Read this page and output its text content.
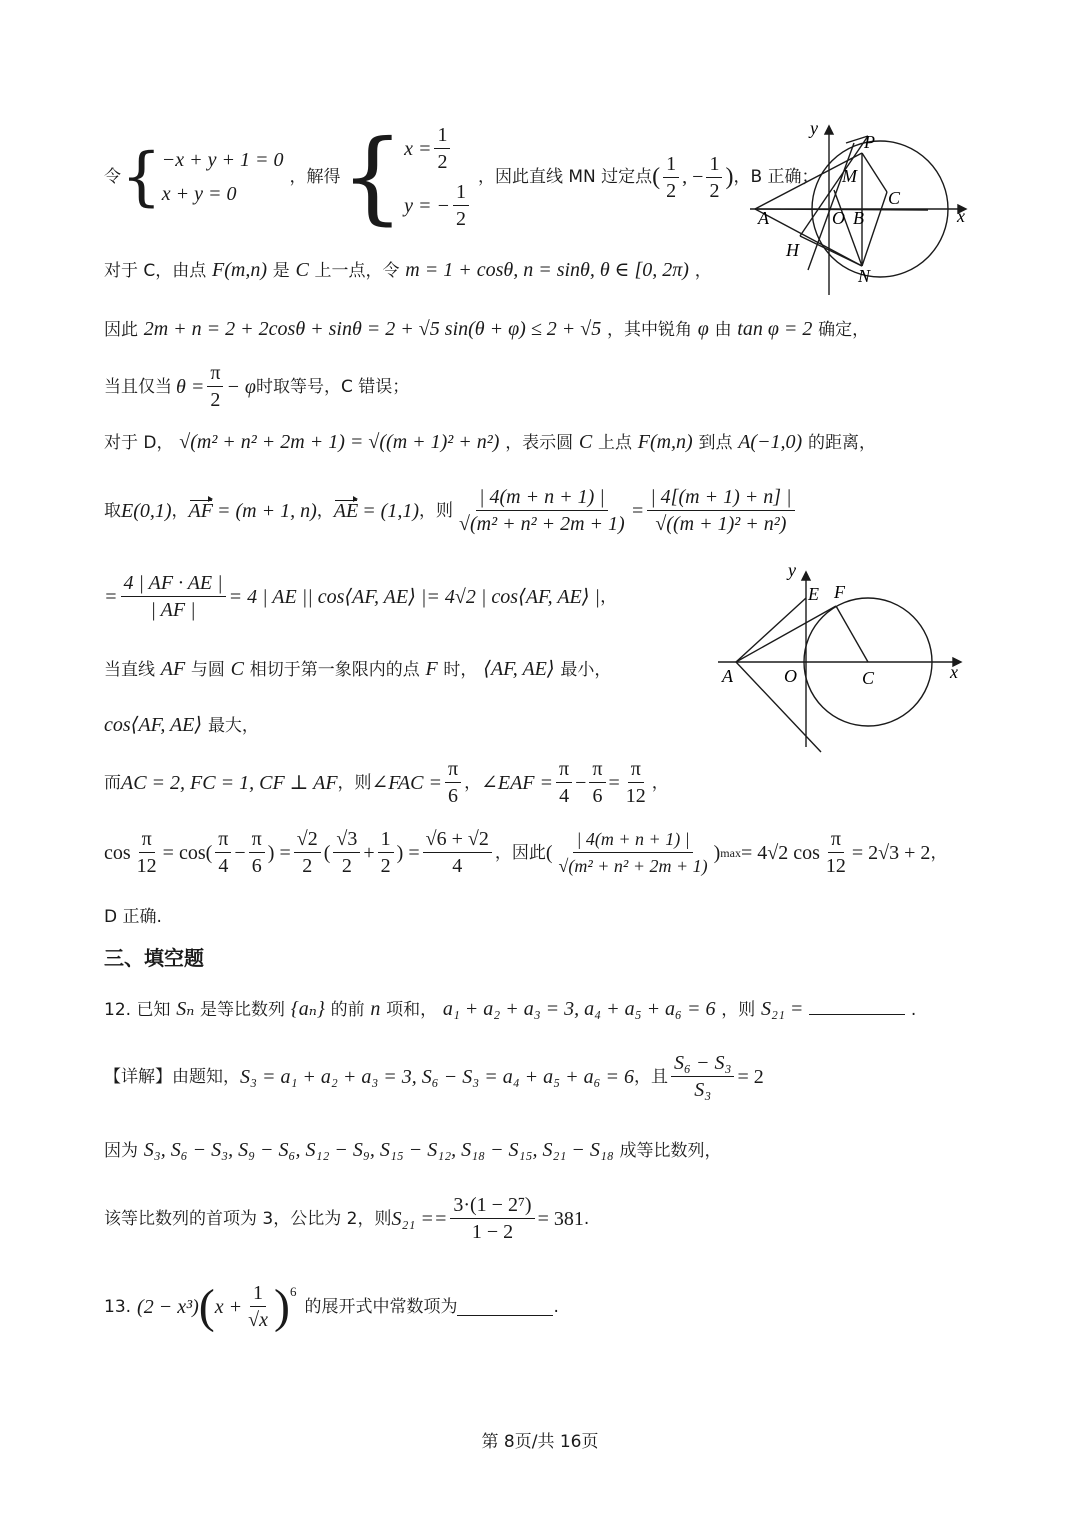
令 { −x + y + 1 = 0
x + y = 0
，解得 { $x = \frac{1}{2}$
y = − $\frac{1}{2}$
，因此直线 MN 过定点 ( $\frac{1}{2}$ , − $\frac{1}{2}$ ) ，B 正确；
对于 C，由点 F(m,n) 是 C 上一点，令 m = 1 + cosθ, n = sinθ, θ ∈ [0, 2π) ，
因此 2m + n = 2 + 2cosθ + sinθ = 2 + √5 sin(θ + φ) ≤ 2 + √5 ，其中锐角 φ 由 tan φ = 2 确定，
当且仅当 $\theta = \frac{\pi}{2} - \varphi$ 时取等号，C 错误；
对于 D， √(m² + n² + 2m + 1) = √((m + 1)² + n²) ，表示圆 C 上点 F(m,n) 到点 A(−1,0) 的距离，
取 E(0,1) ， AF = (m + 1, n) ， AE = (1,1) ，则 $\frac{| 4(m + n + 1) |}{\text{√(m² + n² + 2m + 1)}} = \frac{| 4[(m + 1) + n] |}{\text{√((m + 1)² + n²)}}$
= $\frac{4 | AF \cdot AE |}{| AF |} = 4$ | AE || cos⟨AF, AE⟩ |= 4√2 | cos⟨AF, AE⟩ | ，
当直线 AF 与圆 C 相切于第一象限内的点 F 时， ⟨AF, AE⟩ 最小，
cos⟨AF, AE⟩ 最大，
而 AC = 2, FC = 1, CF ⊥ AF ，则 ∠FAC = $\frac{\pi}{6}$ ， ∠EAF = $\frac{\pi}{4} - \frac{\pi}{6} = \frac{\pi}{12}$ ，
$\cos \frac{\pi}{12} = \cos( \frac{\pi}{4} - \frac{\pi}{6}$ ) = $\frac{√2}{2}$ ( $\frac{√3}{2} + \frac{1}{2}$ ) = $\frac{√6 + √2}{4}$ ，因此 ( $\frac{| 4(m + n + 1) |}{\text{√(m² + n² + 2m + 1)}}$ ) max = 4√2 $\cos \frac{\pi}{12} = 2√3 + 2$ ，
D 正确.
三、填空题
12. 已知 Sₙ 是等比数列 {aₙ} 的前 n 项和， a₁ + a₂ + a₃ = 3, a₄ + a₅ + a₆ = 6 ，则 S₂₁ =	.
【详解】由题知， S₃ = a₁ + a₂ + a₃ = 3, S₆ − S₃ = a₄ + a₅ + a₆ = 6 ，且 $\frac{\text{S₆ − S₃}}{\text{S₃}} = 2$
因为 S₃, S₆ − S₃, S₉ − S₆, S₁₂ − S₉, S₁₅ − S₁₂, S₁₈ − S₁₅, S₂₁ − S₁₈ 成等比数列，
该等比数列的首项为 3，公比为 2，则 $S_{21} == \frac{\text{3·(1 − 2⁷)}}{1 - 2} = 381$ .
13. (2 − x³) ( $x + \frac{1}{√x}$ ) 6
的展开式中常数项为	.
y
x
P
M
C
A	O B
H
N
y
x
E F
A	O	C
第 8页/共 16页
